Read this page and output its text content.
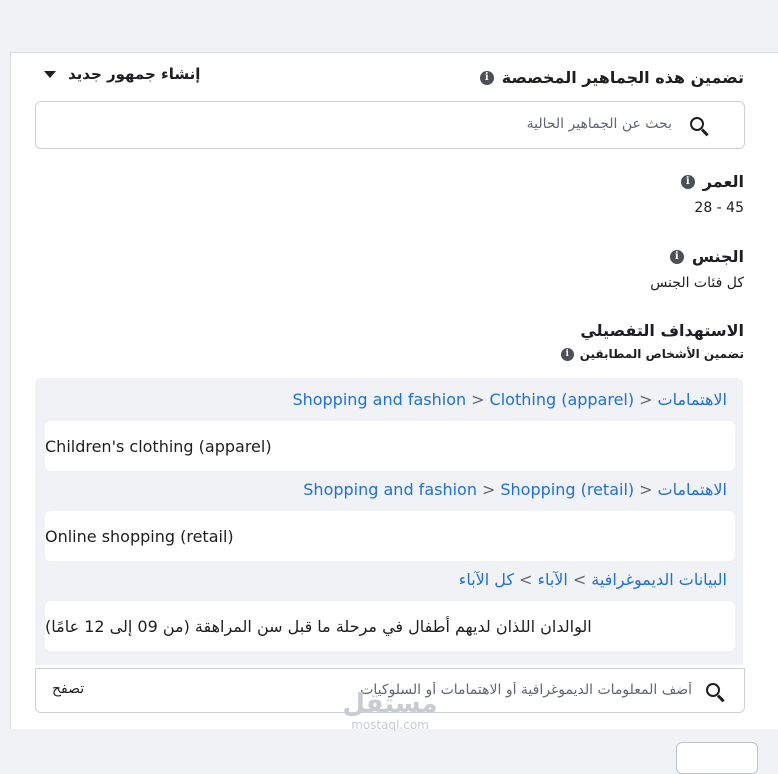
إنشاء جمهور جديد	تضمين هذه الجماهير المخصصة
i
بحث عن الجماهير الحالية
العمر
i
28 - 45
الجنس
i
كل فئات الجنس
الاستهداف التفصيلي
تضمين الأشخاص المطابقين
i
الاهتمامات<Clothing (apparel)<Shopping and fashion
Children's clothing (apparel)
الاهتمامات<Shopping (retail)<Shopping and fashion
Online shopping (retail)
البيانات الديموغرافية>الآباء>كل الآباء
الوالدان اللذان لديهم أطفال في مرحلة ما قبل سن المراهقة (من 09 إلى 12 عامًا)
أضف المعلومات الديموغرافية أو الاهتمامات أو السلوكيات
تصفح	مستقل
mostaql.com
